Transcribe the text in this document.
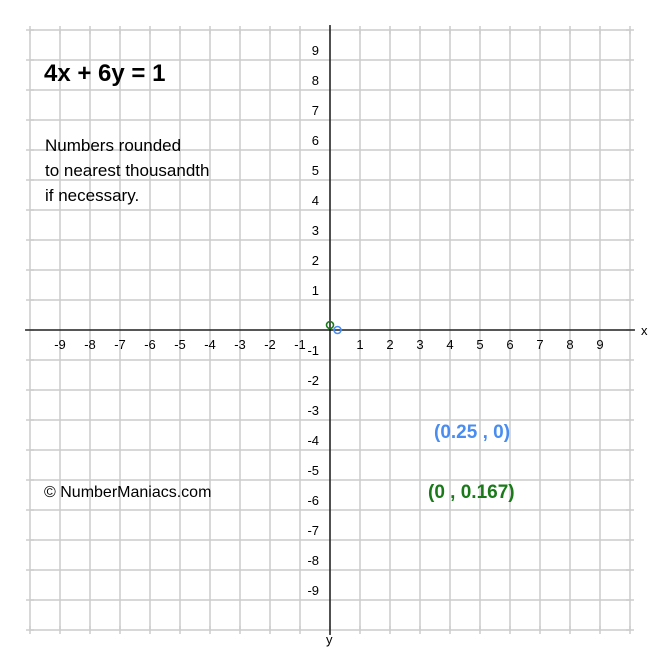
x
y
-9 -8 -7 -6 -5 -4 -3 -2 -1	1 2 3 4 5 6 7 8 9
9
8
7
6
5
4
3
2
1
-1
-2
-3
-4
-5
-6
-7
-8
-9
4x + 6y = 1
Numbers rounded
to nearest thousandth
if necessary.
© NumberManiacs.com
(0.25 , 0)
(0 , 0.167)
